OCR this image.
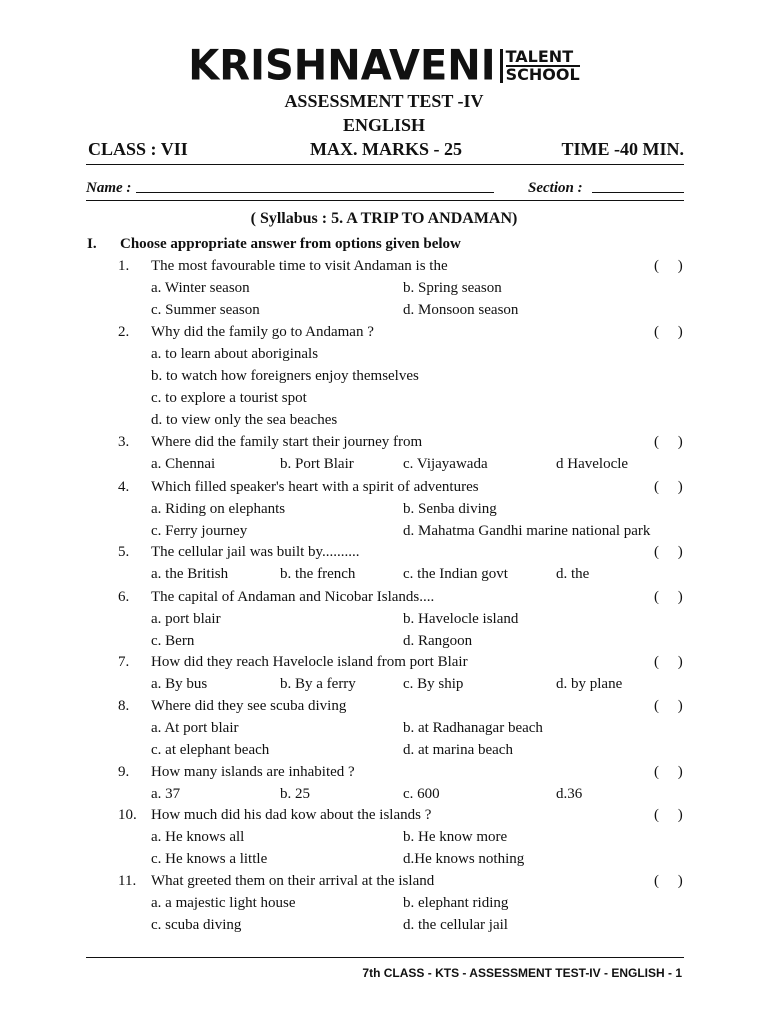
KRISHNAVENI TALENT
SCHOOL
ASSESSMENT TEST -IV
ENGLISH
CLASS : VII	MAX. MARKS - 25	TIME -40 MIN.
Name :	Section :
( Syllabus : 5. A TRIP TO ANDAMAN)
I. Choose appropriate answer from options given below
1. The most favourable time to visit Andaman is the	(     )
a. Winter season	b. Spring season
c. Summer season	d. Monsoon season
2. Why did the family go to Andaman ?	(     )
a. to learn about aboriginals
b. to watch how foreigners enjoy themselves
c. to explore a tourist spot
d. to view only the sea beaches
3. Where did the family start their journey from	(     )
a. Chennai	b. Port Blair	c. Vijayawada	d Havelocle
4. Which filled speaker's heart with a spirit of adventures	(     )
a. Riding on elephants	b. Senba diving
c. Ferry journey	d. Mahatma Gandhi marine national park
5. The cellular jail was built by..........	(     )
a. the British	b. the french	c. the Indian govt	d. the
6. The capital of Andaman and Nicobar Islands....	(     )
a. port blair	b. Havelocle island
c. Bern	d. Rangoon
7. How did they reach Havelocle island from port Blair	(     )
a. By bus	b. By a ferry	c. By ship	d. by plane
8. Where did they see scuba diving	(     )
a. At port blair	b. at Radhanagar beach
c. at elephant beach	d. at marina beach
9. How many islands are inhabited ?	(     )
a. 37	b. 25	c. 600	d.36
10. How much did his dad kow about the islands ?	(     )
a. He knows all	b. He know more
c. He knows a little	d.He knows nothing
11. What greeted them on their arrival at the island	(     )
a. a majestic light house	b. elephant riding
c. scuba diving	d. the cellular jail
7th CLASS - KTS - ASSESSMENT TEST-IV - ENGLISH - 1
